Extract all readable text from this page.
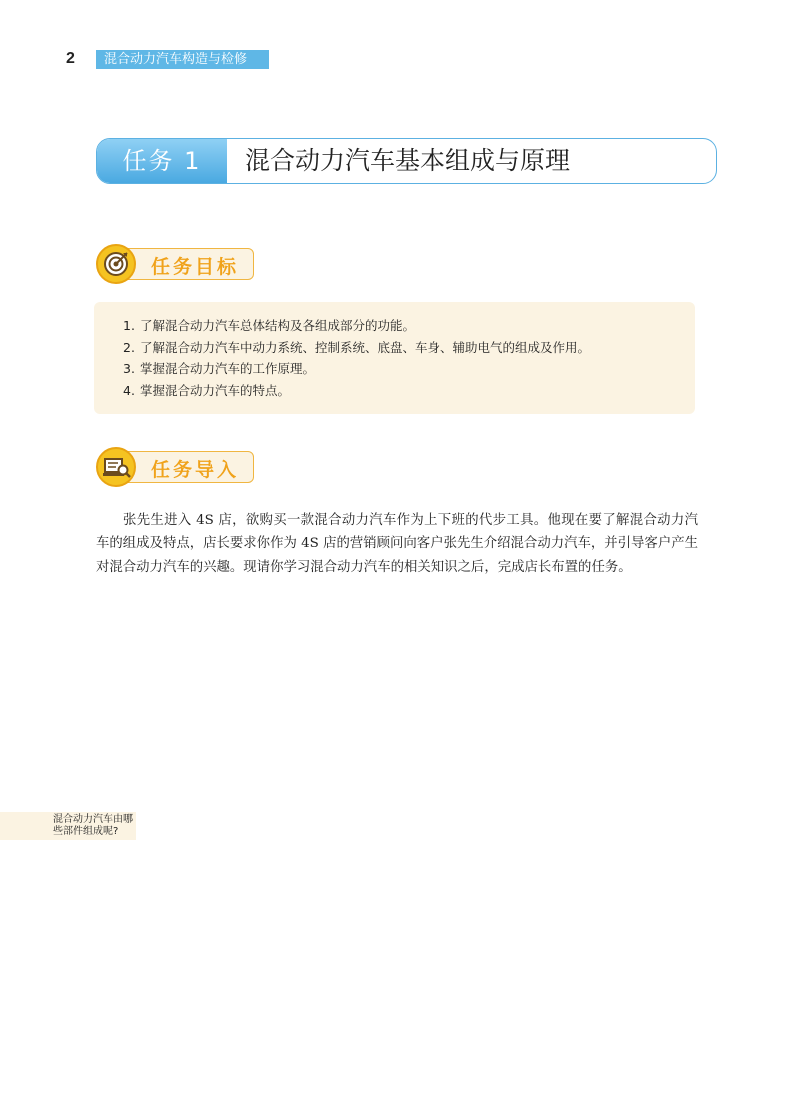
2	混合动力汽车构造与检修
任务 1	混合动力汽车基本组成与原理
任务目标
1. 了解混合动力汽车总体结构及各组成部分的功能。
2. 了解混合动力汽车中动力系统、控制系统、底盘、车身、辅助电气的组成及作用。
3. 掌握混合动力汽车的工作原理。
4. 掌握混合动力汽车的特点。
任务导入

张先生进入 4S 店，欲购买一款混合动力汽车作为上下班的代步工具。他现在要了解混合动力汽车的组成及特点，店长要求你作为 4S 店的营销顾问向客户张先生介绍混合动力汽车，并引导客户产生对混合动力汽车的兴趣。现请你学习混合动力汽车的相关知识之后，完成店长布置的任务。

混合动力汽车由哪些部件组成呢?
